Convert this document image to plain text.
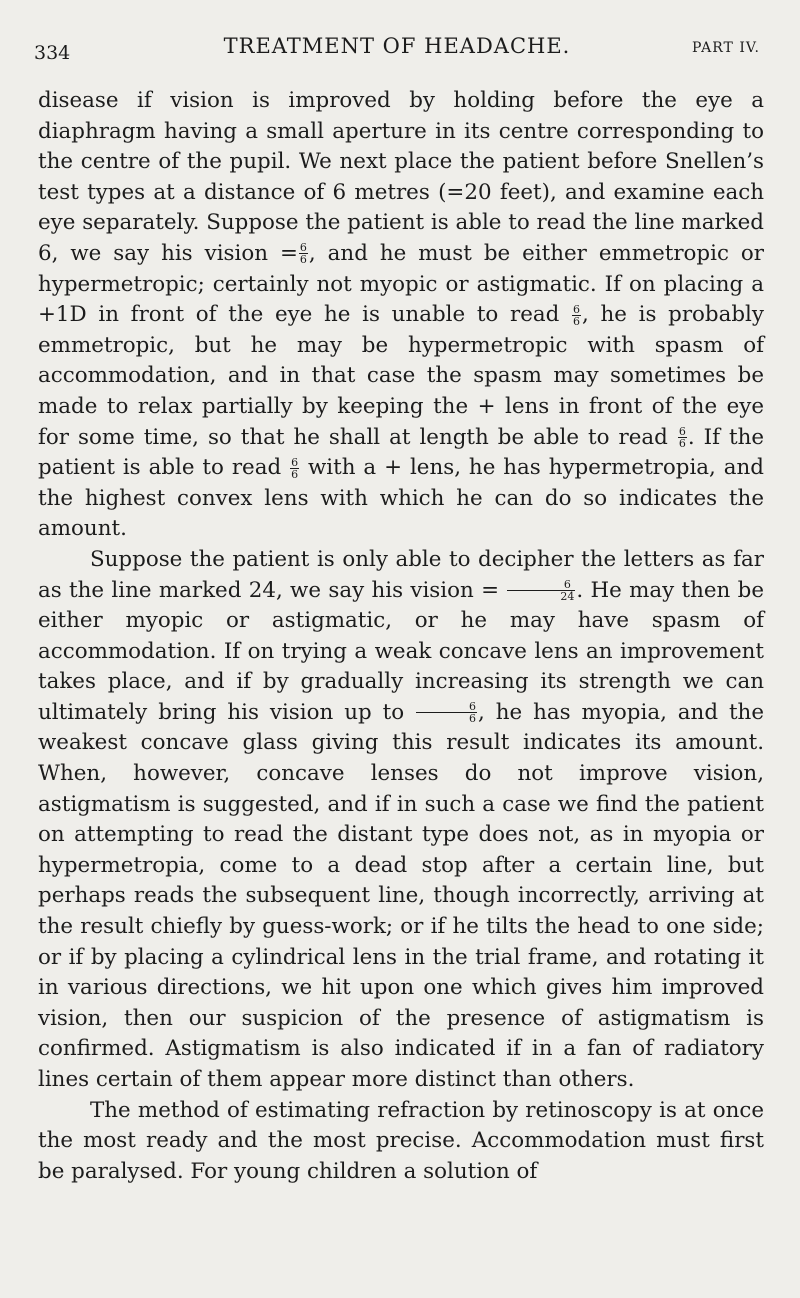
334	TREATMENT OF HEADACHE.	PART IV.

disease if vision is improved by holding before the eye a diaphragm having a small aperture in its centre corresponding to the centre of the pupil. We next place the patient before Snellen’s test types at a distance of 6 metres (=20 feet), and examine each eye separately. Suppose the patient is able to read the line marked 6, we say his vision = $\frac{6}{6}$ , and he must be either emmetropic or hypermetropic; certainly not myopic or astigmatic. If on placing a +1D in front of the eye he is unable to read $\frac{6}{6}$ , he is probably emmetropic, but he may be hypermetropic with spasm of accommodation, and in that case the spasm may sometimes be made to relax partially by keeping the + lens in front of the eye for some time, so that he shall at length be able to read $\frac{6}{6}$ . If the patient is able to read $\frac{6}{6}$ with a + lens, he has hypermetropia, and the highest convex lens with which he can do so indicates the amount.

Suppose the patient is only able to decipher the letters as far as the line marked 24, we say his vision = $\frac{6}{24}$ . He may then be either myopic or astigmatic, or he may have spasm of accommodation. If on trying a weak concave lens an improvement takes place, and if by gradually increasing its strength we can ultimately bring his vision up to $\frac{6}{6}$ , he has myopia, and the weakest concave glass giving this result indicates its amount. When, however, concave lenses do not improve vision, astigmatism is suggested, and if in such a case we find the patient on attempting to read the distant type does not, as in myopia or hypermetropia, come to a dead stop after a certain line, but perhaps reads the subsequent line, though incorrectly, arriving at the result chiefly by guess-work; or if he tilts the head to one side; or if by placing a cylindrical lens in the trial frame, and rotating it in various directions, we hit upon one which gives him improved vision, then our suspicion of the presence of astigmatism is confirmed. Astigmatism is also indicated if in a fan of radiatory lines certain of them appear more distinct than others.

The method of estimating refraction by retinoscopy is at once the most ready and the most precise. Accommodation must first be paralysed. For young children a solution of
